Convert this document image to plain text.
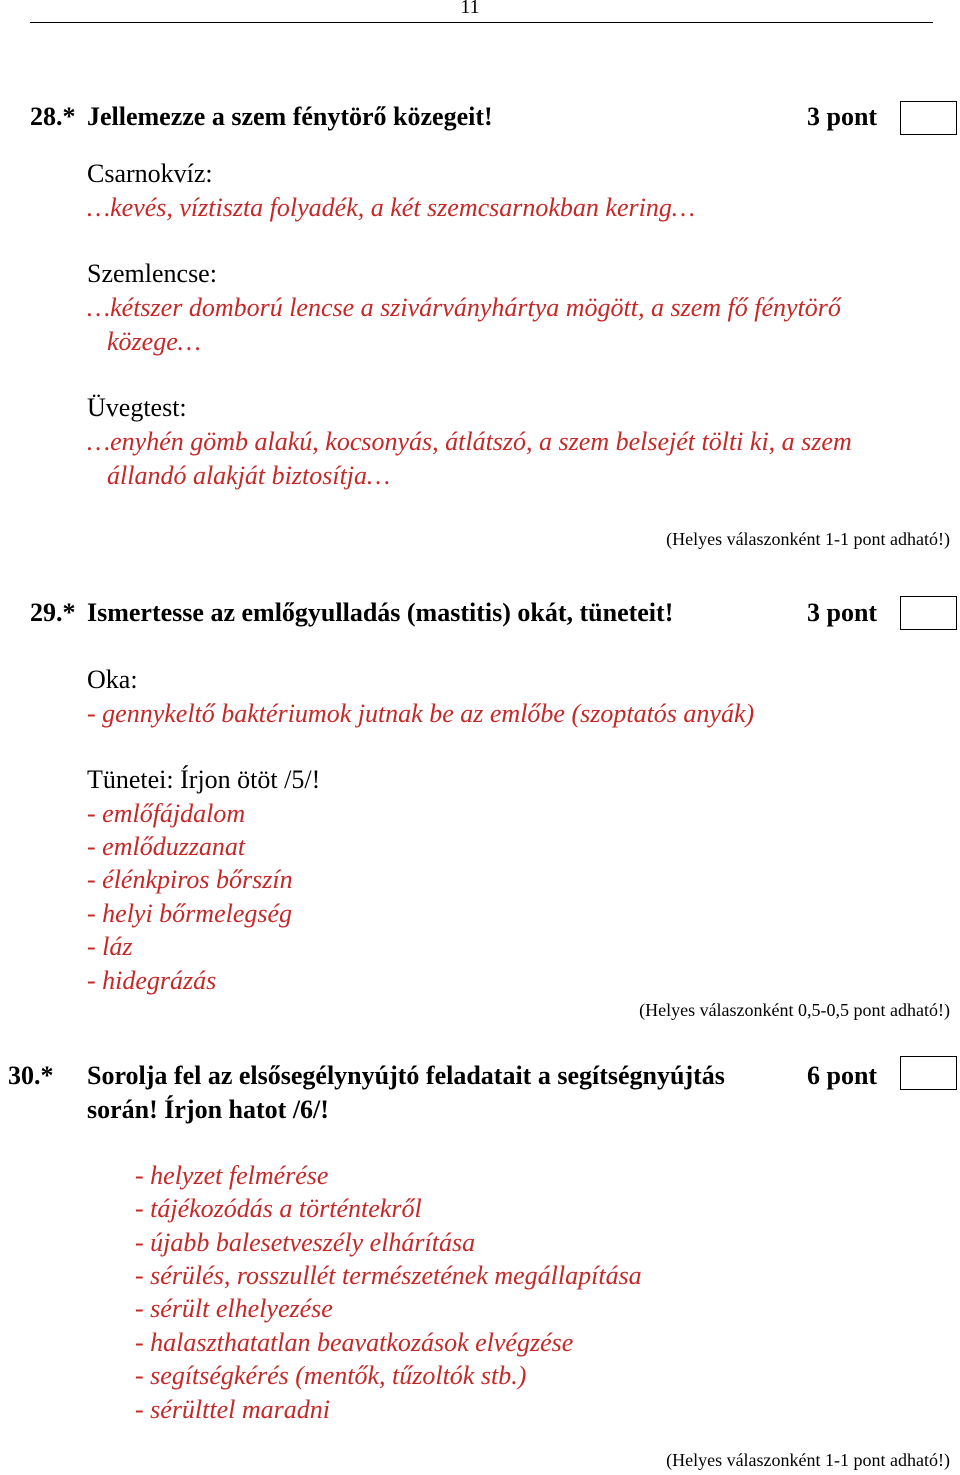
11
28.* Jellemezze a szem fénytörő közegeit!	3 pont
Csarnokvíz:
…kevés, víztiszta folyadék, a két szemcsarnokban kering…
Szemlencse:
…kétszer domború lencse a szivárványhártya mögött, a szem fő fénytörő
közege…
Üvegtest:
…enyhén gömb alakú, kocsonyás, átlátszó, a szem belsejét tölti ki, a szem
állandó alakját biztosítja…
(Helyes válaszonként 1-1 pont adható!)
29.* Ismertesse az emlőgyulladás (mastitis) okát, tüneteit!	3 pont
Oka:
- gennykeltő baktériumok jutnak be az emlőbe (szoptatós anyák)
Tünetei: Írjon ötöt /5/!
- emlőfájdalom
- emlőduzzanat
- élénkpiros bőrszín
- helyi bőrmelegség
- láz
- hidegrázás
(Helyes válaszonként 0,5-0,5 pont adható!)
30.* Sorolja fel az elsősegélynyújtó feladatait a segítségnyújtás
során! Írjon hatot /6/!
6 pont
- helyzet felmérése
- tájékozódás a történtekről
- újabb balesetveszély elhárítása
- sérülés, rosszullét természetének megállapítása
- sérült elhelyezése
- halaszthatatlan beavatkozások elvégzése
- segítségkérés (mentők, tűzoltók stb.)
- sérülttel maradni
(Helyes válaszonként 1-1 pont adható!)
